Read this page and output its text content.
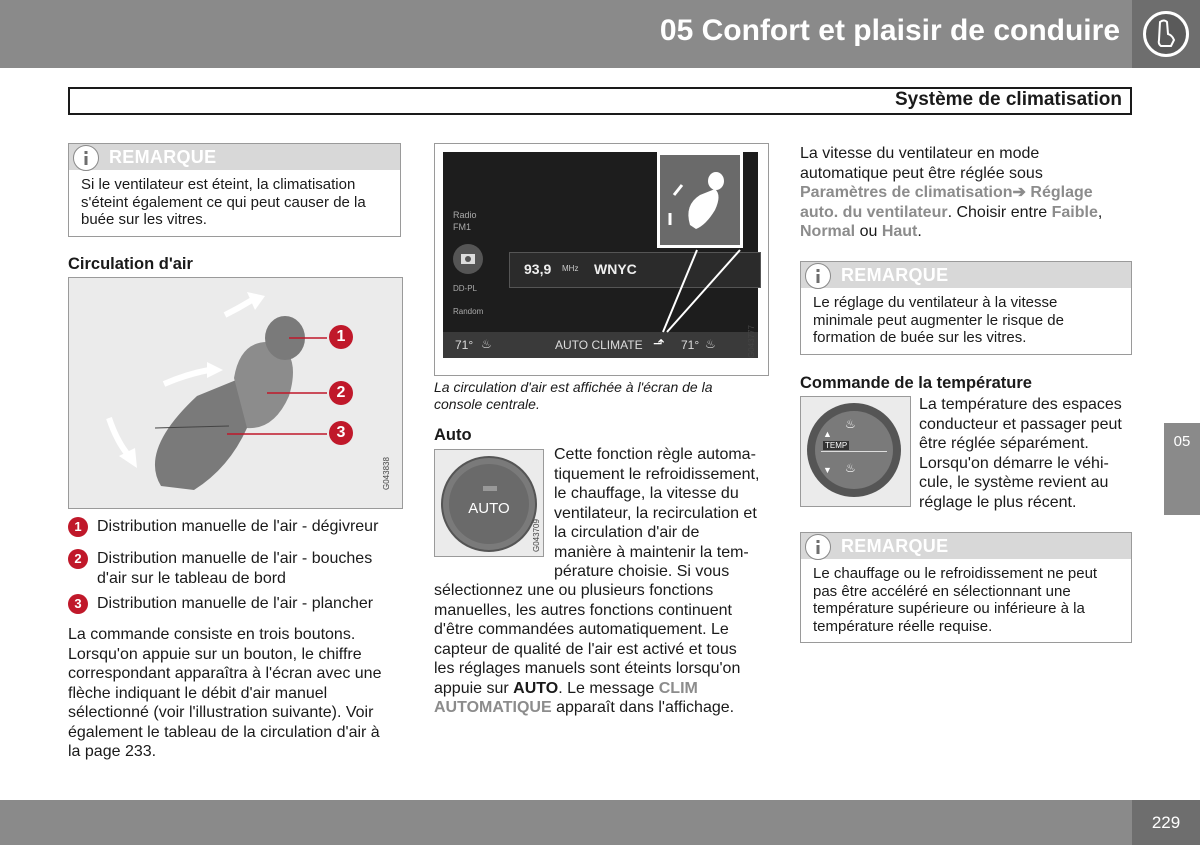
05 Confort et plaisir de conduire
Système de climatisation
REMARQUE
Si le ventilateur est éteint, la climatisation s'éteint également ce qui peut causer de la buée sur les vitres.
Circulation d'air
1
2
3
G043838
1 Distribution manuelle de l'air - dégivreur
2 Distribution manuelle de l'air - bouches d'air sur le tableau de bord
3 Distribution manuelle de l'air - plancher
La commande consiste en trois boutons. Lorsqu'on appuie sur un bouton, le chiffre correspondant apparaîtra à l'écran avec une flèche indiquant le débit d'air manuel sélectionné (voir l'illustration suivante). Voir également le tableau de la circulation d'air à la page 233.
Radio
FM1
DD-PL
Random
93,9 MHz WNYC
71° ♨	AUTO CLIMATE ⬏ 71° ♨	G043777
La circulation d'air est affichée à l'écran de la console centrale.
Auto
AUTO
G043709
Cette fonction règle automa-
tiquement le refroidissement,
le chauffage, la vitesse du
ventilateur, la recirculation et
la circulation d'air de
manière à maintenir la tem-
pérature choisie. Si vous
sélectionnez une ou plusieurs fonctions manuelles, les autres fonctions continuent d'être commandées automatiquement. Le capteur de qualité de l'air est activé et tous les réglages manuels sont éteints lorsqu'on appuie sur AUTO. Le message CLIM AUTOMATIQUE apparaît dans l'affichage.
La vitesse du ventilateur en mode automatique peut être réglée sous Paramètres de climatisation➔ Réglage auto. du ventilateur. Choisir entre Faible, Normal ou Haut.
REMARQUE
Le réglage du ventilateur à la vitesse minimale peut augmenter le risque de formation de buée sur les vitres.
Commande de la température
♨
♨
▲
▼
TEMP
La température des espaces
conducteur et passager peut
être réglée séparément.
Lorsqu'on démarre le véhi-
cule, le système revient au
réglage le plus récent.
REMARQUE
Le chauffage ou le refroidissement ne peut pas être accéléré en sélectionnant une température supérieure ou inférieure à la température réelle requise.
05
229
